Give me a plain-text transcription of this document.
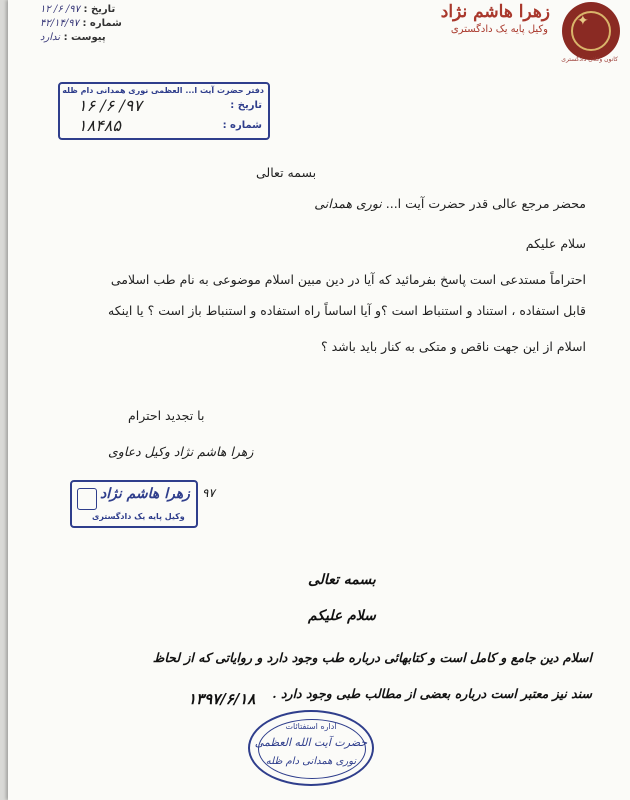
✦
کانون وکلای دادگستری
زهرا هاشم نژاد
وکیل پایه یک دادگستری
تاریخ : ۹۷/ ۶/ ۱۲
شماره : ۴۲/۱۴/۹۷
پیوست : ندارد
دفتر حضرت آیت ا... العظمی نوری همدانی دام ظله
تاریخ :
۹۷/ ۶/ ۱۶
شماره :
۱۸۴۸۵
بسمه تعالی
محضر مرجع عالی قدر حضرت آیت ا... نوری همدانی
سلام علیکم
احتراماً مستدعی است پاسخ بفرمائید که آیا در دین مبین اسلام موضوعی به نام طب اسلامی
قابل استفاده ، استناد و استنباط است ؟و آیا اساساً راه استفاده و استنباط باز است ؟ یا اینکه
اسلام از این جهت ناقص و متکی به کنار باید باشد ؟
با تجدید احترام
زهرا هاشم نژاد وکیل دعاوی
۹۷
زهرا هاشم نژاد
وکیل پایه یک دادگستری
بسمه تعالی
سلام علیکم
اسلام دین جامع و کامل است و کتابهائی درباره طب وجود دارد و روایاتی که از لحاظ
سند نیز معتبر است درباره بعضی از مطالب طبی وجود دارد .
۱۳۹۷/۶/۱۸
اداره استفتائات
حضرت آیت الله العظمی
نوری همدانی دام ظله
